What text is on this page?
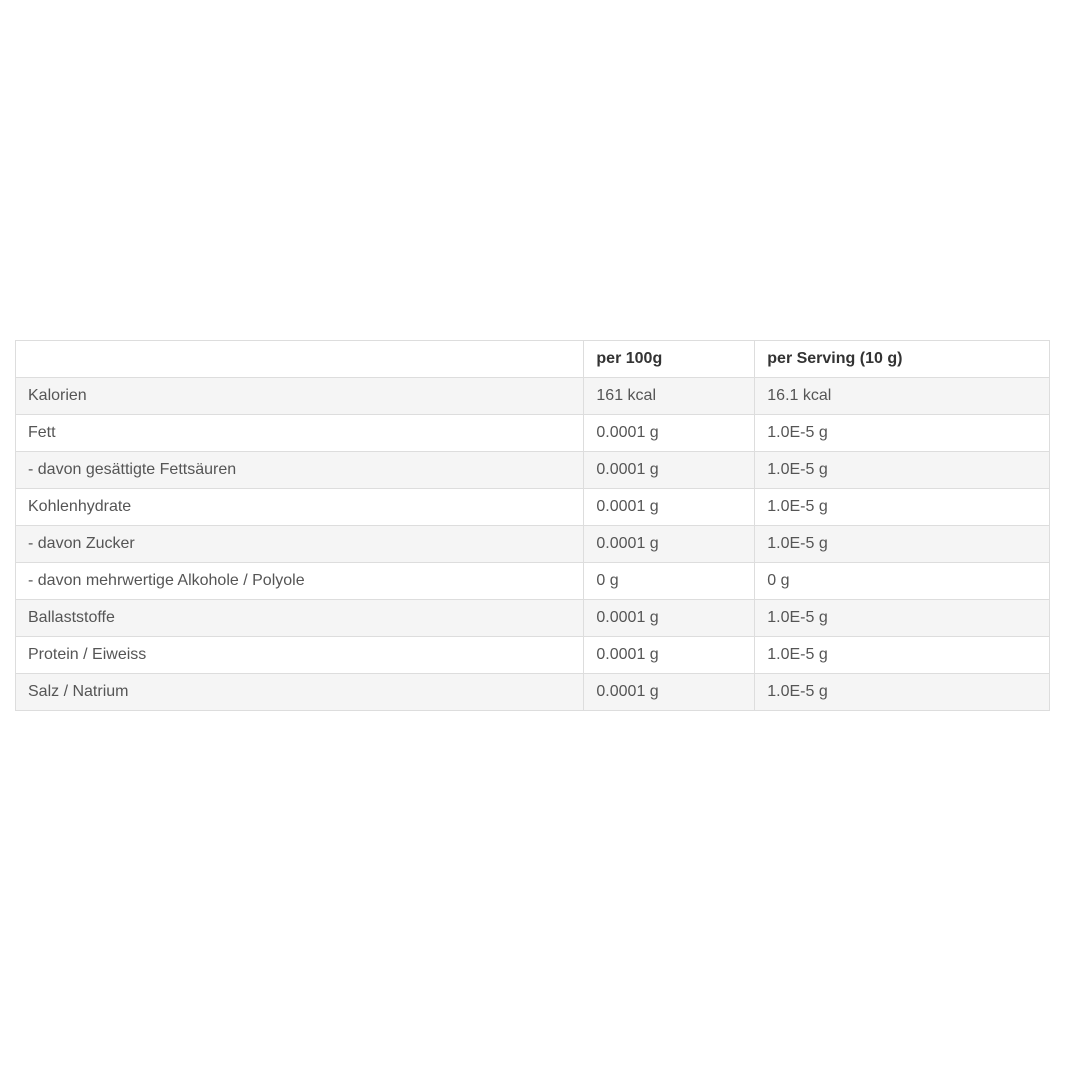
	per 100g	per Serving (10 g)
Kalorien	161 kcal	16.1 kcal
Fett	0.0001 g	1.0E-5 g
- davon gesättigte Fettsäuren	0.0001 g	1.0E-5 g
Kohlenhydrate	0.0001 g	1.0E-5 g
- davon Zucker	0.0001 g	1.0E-5 g
- davon mehrwertige Alkohole / Polyole	0 g	0 g
Ballaststoffe	0.0001 g	1.0E-5 g
Protein / Eiweiss	0.0001 g	1.0E-5 g
Salz / Natrium	0.0001 g	1.0E-5 g
